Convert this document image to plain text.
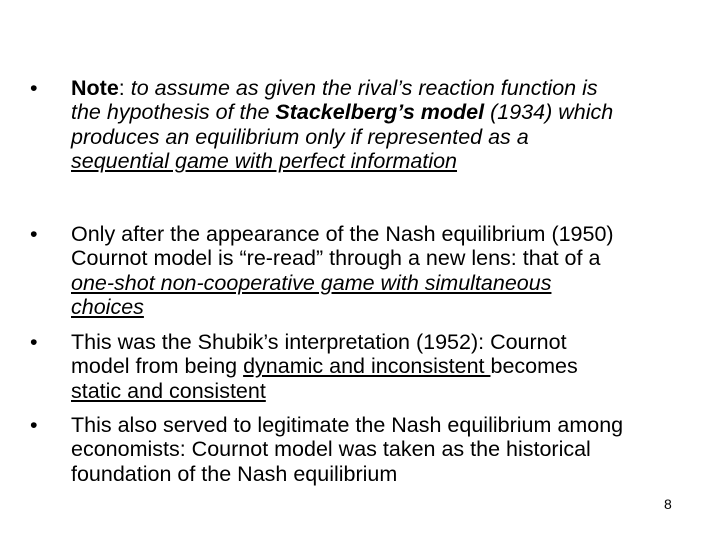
•	Note: to assume as given the rival’s reaction function is
the hypothesis of the Stackelberg’s model (1934) which
produces an equilibrium only if represented as a
sequential game with perfect information
•	Only after the appearance of the Nash equilibrium (1950)
Cournot model is “re-read” through a new lens: that of a
one-shot non-cooperative game with simultaneous
choices
•	This was the Shubik’s interpretation (1952): Cournot
model from being dynamic and inconsistent becomes
static and consistent
•	This also served to legitimate the Nash equilibrium among
economists: Cournot model was taken as the historical
foundation of the Nash equilibrium
8
